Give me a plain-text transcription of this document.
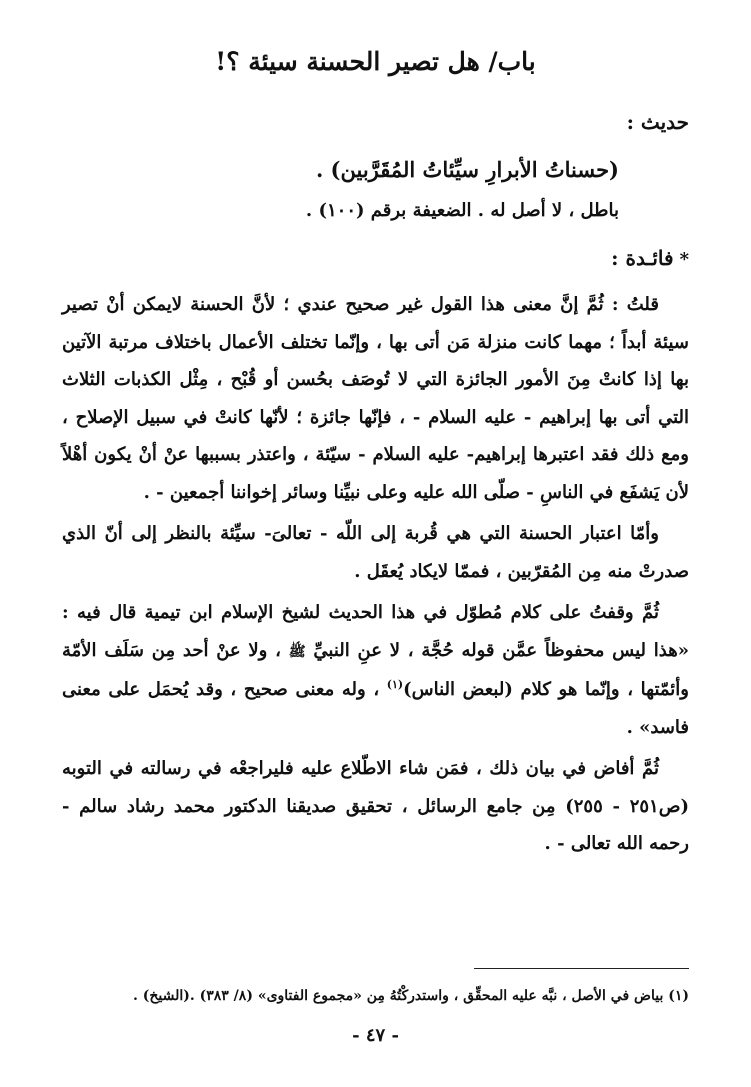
باب/ هل تصير الحسنة سيئة ؟!

حديث :

(حسناتُ الأبرارِ سيِّئاتُ المُقَرَّبين) .

باطل ، لا أصل له . الضعيفة برقم (١٠٠) .

*فائـدة :

قلتُ : ثُمَّ إنَّ معنى هذا القول غير صحيح عندي ؛ لأنَّ الحسنة لايمكن أنْ تصير سيئة أبداً ؛ مهما كانت منزلة مَن أتى بها ، وإنّما تختلف الأعمال باختلاف مرتبة الآتين بها إذا كانتْ مِنَ الأمور الجائزة التي لا تُوصَف بحُسن أو قُبْح ، مِثْل الكذبات الثلاث التي أتى بها إبراهيم - عليه السلام - ، فإنّها جائزة ؛ لأنّها كانتْ في سبيل الإصلاح ، ومع ذلك فقد اعتبرها إبراهيم- عليه السلام - سيّئة ، واعتذر بسببها عنْ أنْ يكون أهْلاً لأن يَشفَع في الناسِ - صلّى الله عليه وعلى نبيِّنا وسائر إخواننا أجمعين - .

وأمّا اعتبار الحسنة التي هي قُربة إلى اللّه - تعالىَ- سيِّئة بالنظر إلى أنّ الذي صدرتْ منه مِن المُقرّبين ، فممّا لايكاد يُعقَل .

ثُمَّ وقفتُ على كلام مُطوّل في هذا الحديث لشيخ الإسلام ابن تيمية قال فيه : «هذا ليس محفوظاً عمَّن قوله حُجَّة ، لا عنِ النبيِّ ﷺ ، ولا عنْ أحد مِن سَلَف الأمّة وأئمّتها ، وإنّما هو كلام (لبعض الناس)$^{(١)}$ ، وله معنى صحيح ، وقد يُحمَل على معنى فاسد» .

ثُمَّ أفاض في بيان ذلك ، فمَن شاء الاطّلاع عليه فليراجعْه في رسالته في التوبه (ص٢٥١ - ٢٥٥) مِن جامع الرسائل ، تحقيق صديقنا الدكتور محمد رشاد سالم - رحمه الله تعالى - .

(١) بياض في الأصل ، نبَّه عليه المحقِّق ، واستدركْتُهُ مِن «مجموع الفتاوى» (٨/ ٣٨٣) .(الشيخ) .

- ٤٧ -
